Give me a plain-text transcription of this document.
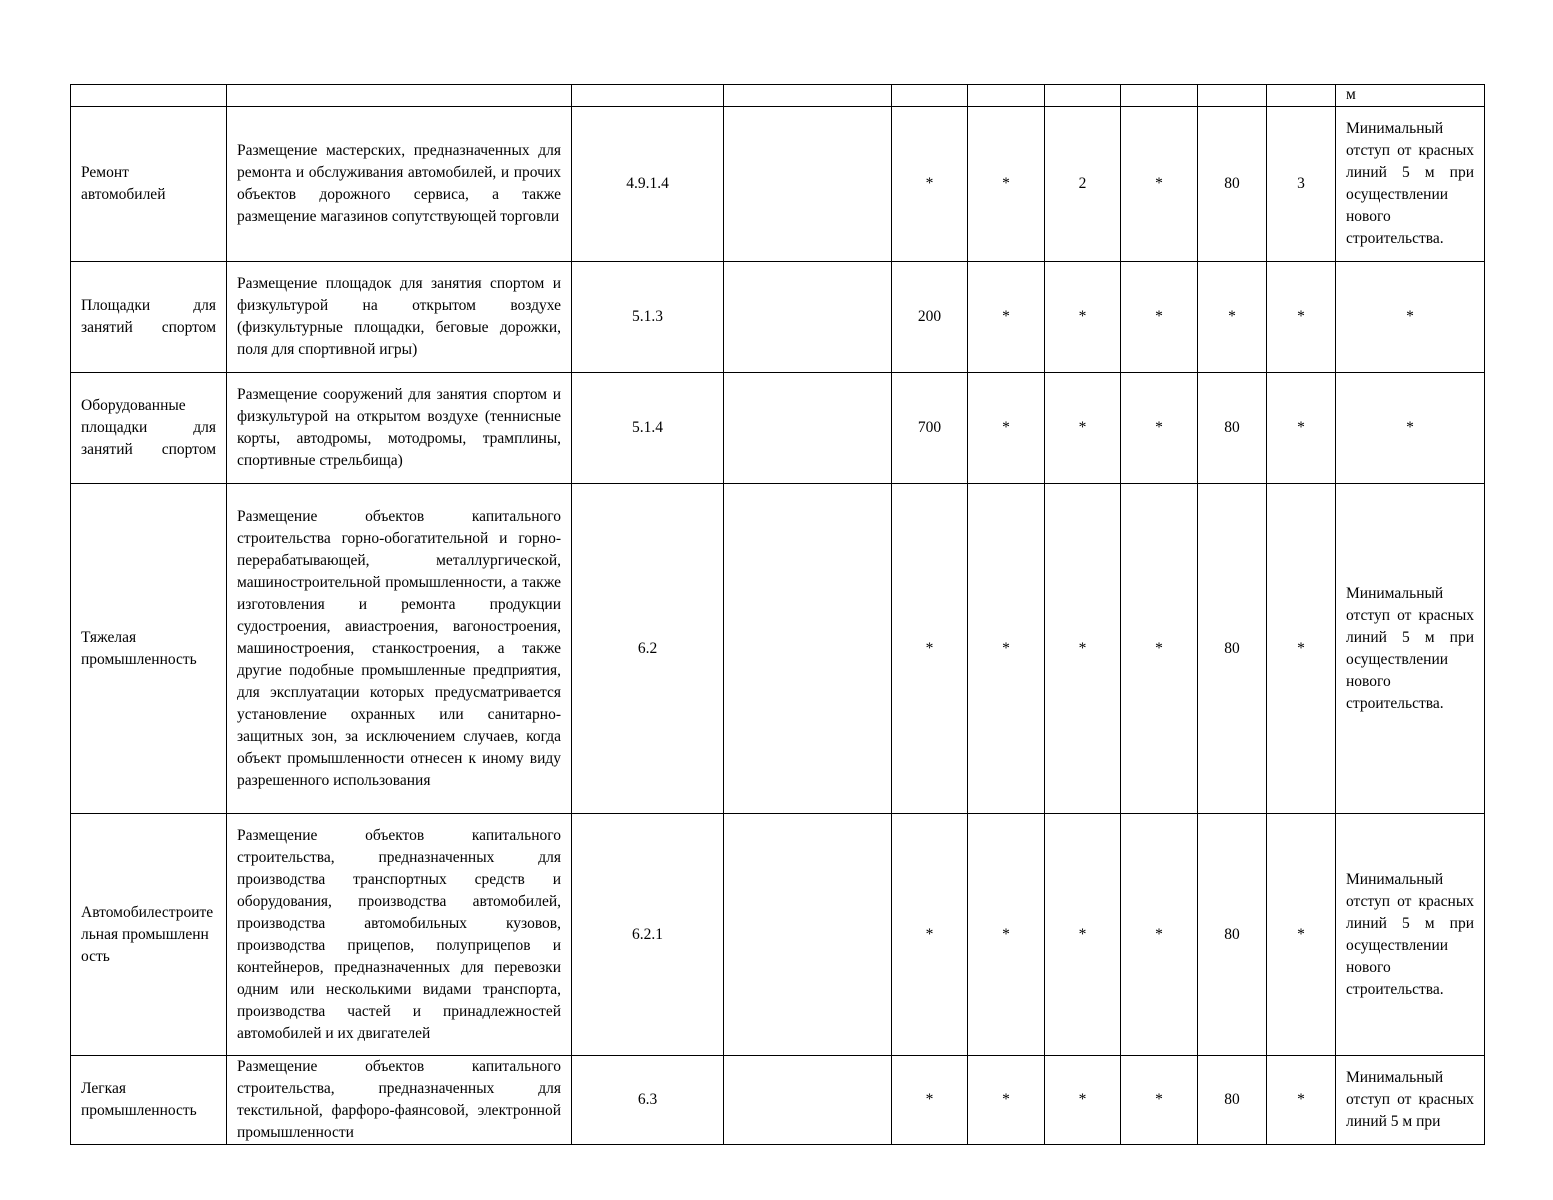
										м
Ремонт автомобилей	Размещение мастерских, предназначенных для ремонта и обслуживания автомобилей, и прочих объектов дорожного сервиса, а также размещение магазинов сопутствующей торговли	4.9.1.4		*	*	2	*	80	3	Минимальный отступ от красных линий 5 м при осуществлении нового строительства.
Площадки для занятий спортом	Размещение площадок для занятия спортом и физкультурой на открытом воздухе (физкультурные площадки, беговые дорожки, поля для спортивной игры)	5.1.3		200	*	*	*	*	*	*
Оборудованные площадки для занятий спортом	Размещение сооружений для занятия спортом и физкультурой на открытом воздухе (теннисные корты, автодромы, мотодромы, трамплины, спортивные стрельбища)	5.1.4		700	*	*	*	80	*	*
Тяжелая промышленность	Размещение объектов капитального строительства горно-обогатительной и горно-перерабатывающей, металлургической, машиностроительной промышленности, а также изготовления и ремонта продукции судостроения, авиастроения, вагоностроения, машиностроения, станкостроения, а также другие подобные промышленные предприятия, для эксплуатации которых предусматривается установление охранных или санитарно-защитных зон, за исключением случаев, когда объект промышленности отнесен к иному виду разрешенного использования	6.2		*	*	*	*	80	*	Минимальный отступ от красных линий 5 м при осуществлении нового строительства.
Автомобилестроительная промышленность	Размещение объектов капитального строительства, предназначенных для производства транспортных средств и оборудования, производства автомобилей, производства автомобильных кузовов, производства прицепов, полуприцепов и контейнеров, предназначенных для перевозки одним или несколькими видами транспорта, производства частей и принадлежностей автомобилей и их двигателей	6.2.1		*	*	*	*	80	*	Минимальный отступ от красных линий 5 м при осуществлении нового строительства.
Легкая промышленность	Размещение объектов капитального строительства, предназначенных для текстильной, фарфоро-фаянсовой, электронной промышленности	6.3		*	*	*	*	80	*	Минимальный отступ от красных линий 5 м при
